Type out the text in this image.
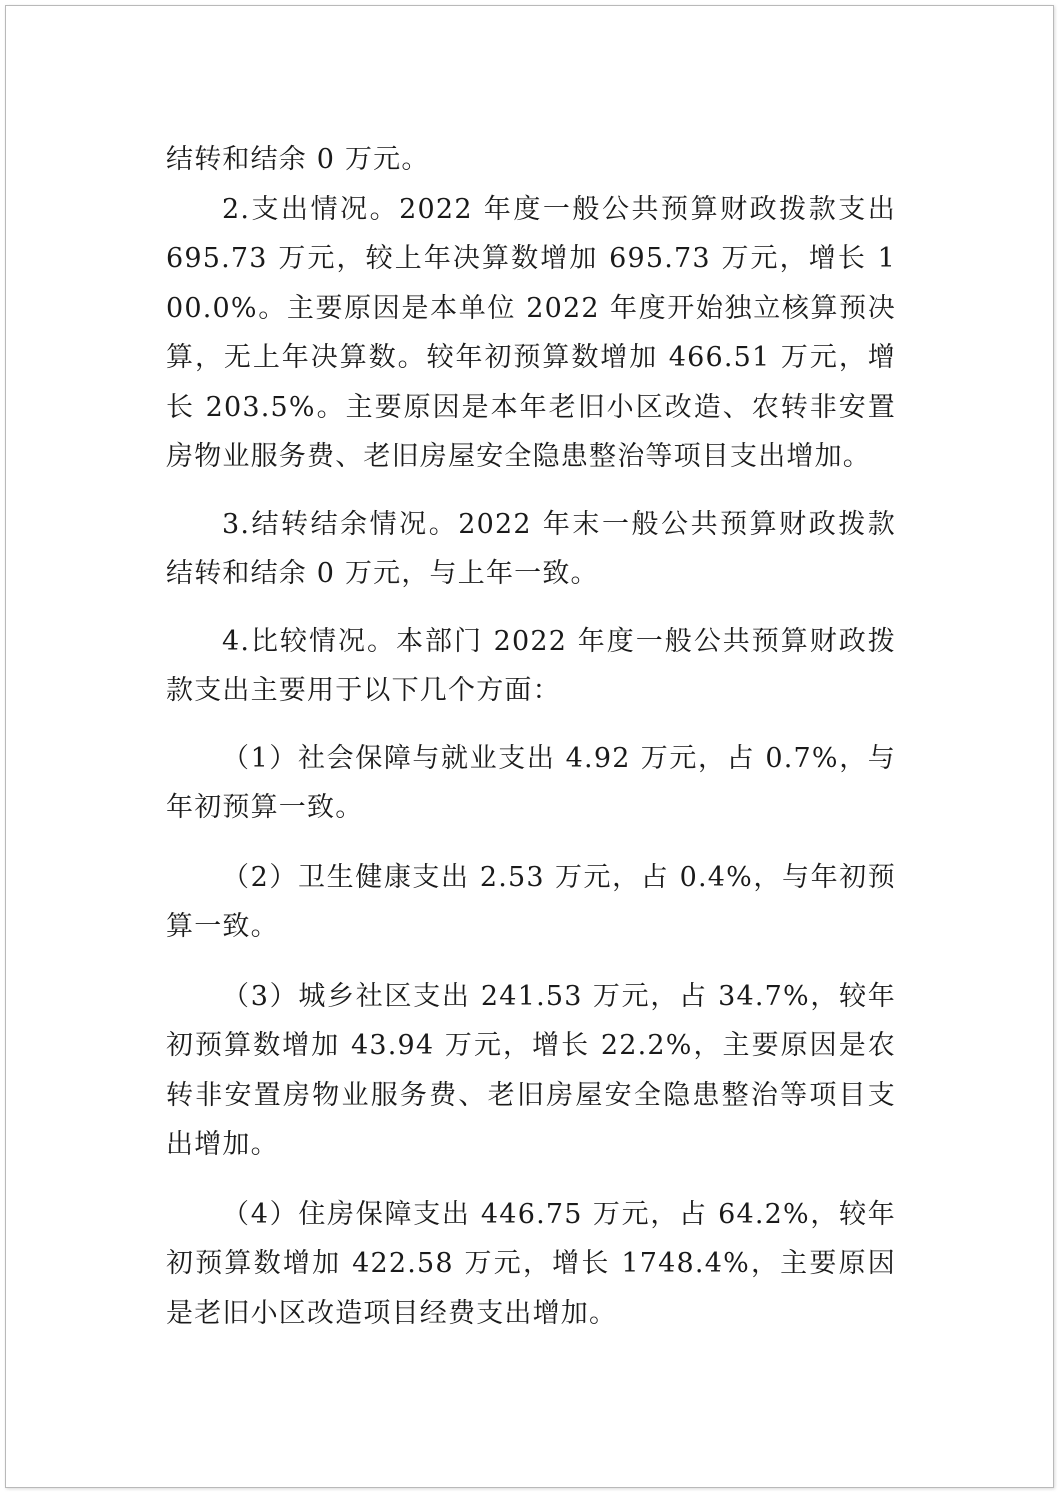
结转和结余 0 万元。

2.支出情况。2022 年度一般公共预算财政拨款支出 695.73 万元，较上年决算数增加 695.73 万元，增长 100.0%。主要原因是本单位 2022 年度开始独立核算预决算，无上年决算数。较年初预算数增加 466.51 万元，增长 203.5%。主要原因是本年老旧小区改造、农转非安置房物业服务费、老旧房屋安全隐患整治等项目支出增加。

3.结转结余情况。2022 年末一般公共预算财政拨款结转和结余 0 万元，与上年一致。

4.比较情况。本部门 2022 年度一般公共预算财政拨款支出主要用于以下几个方面：

（1）社会保障与就业支出 4.92 万元，占 0.7%，与年初预算一致。

（2）卫生健康支出 2.53 万元，占 0.4%，与年初预算一致。

（3）城乡社区支出 241.53 万元，占 34.7%，较年初预算数增加 43.94 万元，增长 22.2%，主要原因是农转非安置房物业服务费、老旧房屋安全隐患整治等项目支出增加。

（4）住房保障支出 446.75 万元，占 64.2%，较年初预算数增加 422.58 万元，增长 1748.4%，主要原因是老旧小区改造项目经费支出增加。
